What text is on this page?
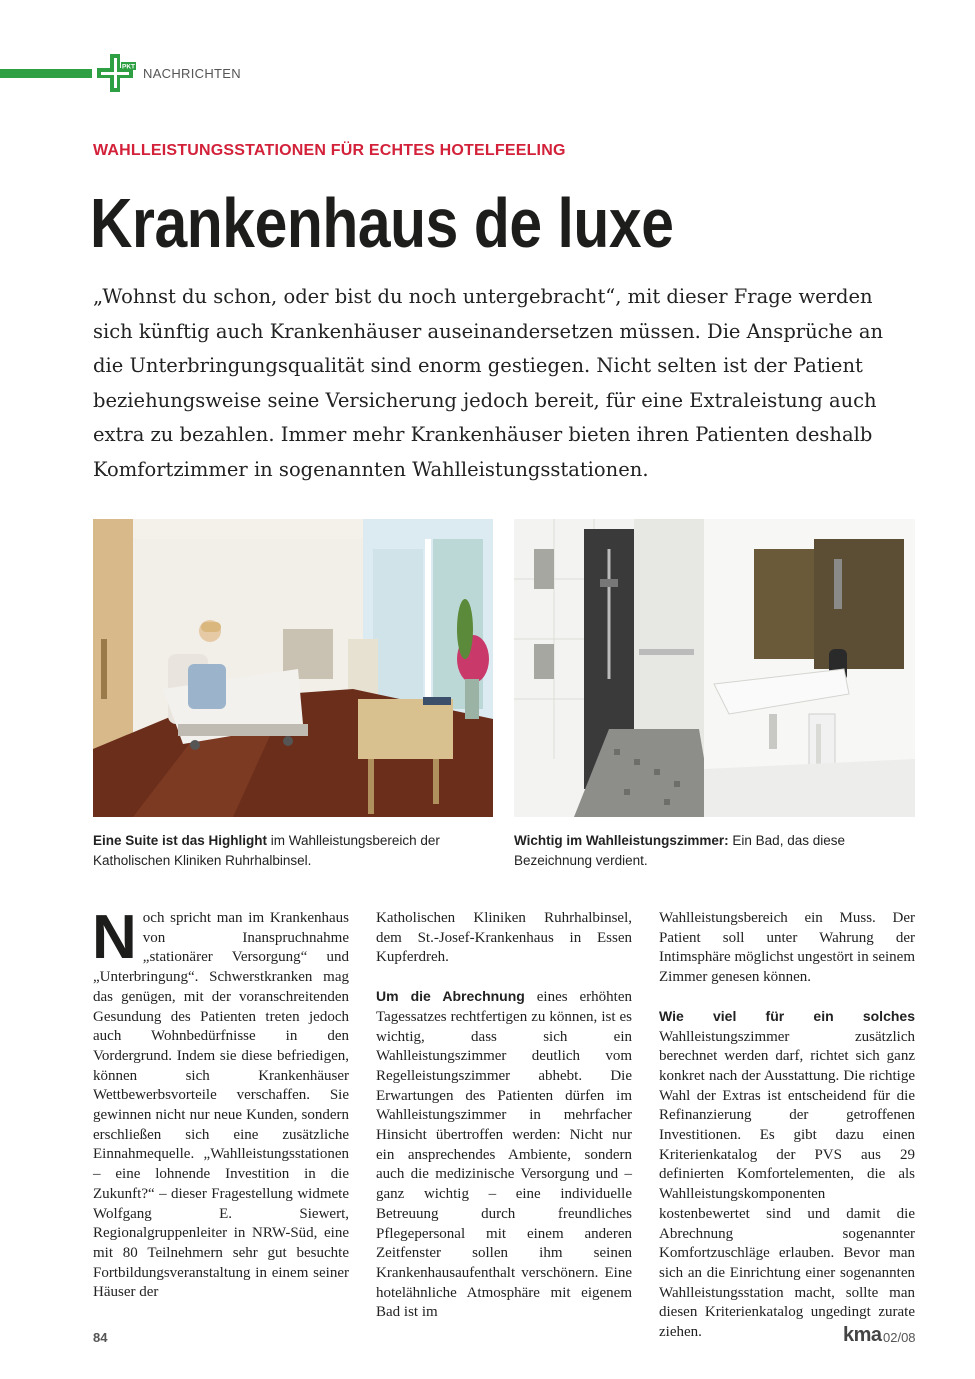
PKT NACHRICHTEN
WAHLLEISTUNGSSTATIONEN FÜR ECHTES HOTELFEELING
Krankenhaus de luxe
„Wohnst du schon, oder bist du noch untergebracht“, mit dieser Frage werden sich künftig auch Krankenhäuser auseinandersetzen müssen. Die Ansprüche an die Unterbringungsqualität sind enorm gestiegen. Nicht selten ist der Patient beziehungsweise seine Versicherung jedoch bereit, für eine Extraleistung auch extra zu bezahlen. Immer mehr Krankenhäuser bieten ihren Patienten deshalb Komfortzimmer in sogenannten Wahlleistungsstationen.
Eine Suite ist das Highlight im Wahlleistungsbereich der Katholischen Kliniken Ruhrhalbinsel.
Wichtig im Wahlleistungszimmer: Ein Bad, das diese Bezeichnung verdient.

Noch spricht man im Krankenhaus von Inanspruchnahme „stationärer Versorgung“ und „Unterbringung“. Schwerstkranken mag das genügen, mit der voranschreitenden Gesundung des Patienten treten jedoch auch Wohnbedürfnisse in den Vordergrund. Indem sie diese befriedigen, können sich Krankenhäuser Wettbewerbsvorteile verschaffen. Sie gewinnen nicht nur neue Kunden, sondern erschließen sich eine zusätzliche Einnahmequelle. „Wahlleistungsstationen – eine lohnende Investition in die Zukunft?“ – dieser Fragestellung widmete Wolfgang E. Siewert, Regionalgruppenleiter in NRW-Süd, eine mit 80 Teilnehmern sehr gut besuchte Fortbildungsveranstaltung in einem seiner Häuser der

Katholischen Kliniken Ruhrhalbinsel, dem St.-Josef-Krankenhaus in Essen Kupferdreh.

Um die Abrechnung eines erhöhten Tagessatzes rechtfertigen zu können, ist es wichtig, dass sich ein Wahlleistungszimmer deutlich vom Regelleistungszimmer abhebt. Die Erwartungen des Patienten dürfen im Wahlleistungszimmer in mehrfacher Hinsicht übertroffen werden: Nicht nur ein ansprechendes Ambiente, sondern auch die medizinische Versorgung und – ganz wichtig – eine individuelle Betreuung durch freundliches Pflegepersonal mit einem anderen Zeitfenster sollen ihm seinen Krankenhausaufenthalt verschönern. Eine hotelähnliche Atmosphäre mit eigenem Bad ist im

Wahlleistungsbereich ein Muss. Der Patient soll unter Wahrung der Intimsphäre möglichst ungestört in seinem Zimmer genesen können.

Wie viel für ein solches Wahlleistungszimmer zusätzlich berechnet werden darf, richtet sich ganz konkret nach der Ausstattung. Die richtige Wahl der Extras ist entscheidend für die Refinanzierung der getroffenen Investitionen. Es gibt dazu einen Kriterienkatalog der PVS aus 29 definierten Komfortelementen, die als Wahlleistungskomponenten kostenbewertet sind und damit die Abrechnung sogenannter Komfortzuschläge erlauben. Bevor man sich an die Einrichtung einer sogenannten Wahlleistungsstation macht, sollte man diesen Kriterienkatalog ungedingt zurate ziehen.

84	kma 02/08
